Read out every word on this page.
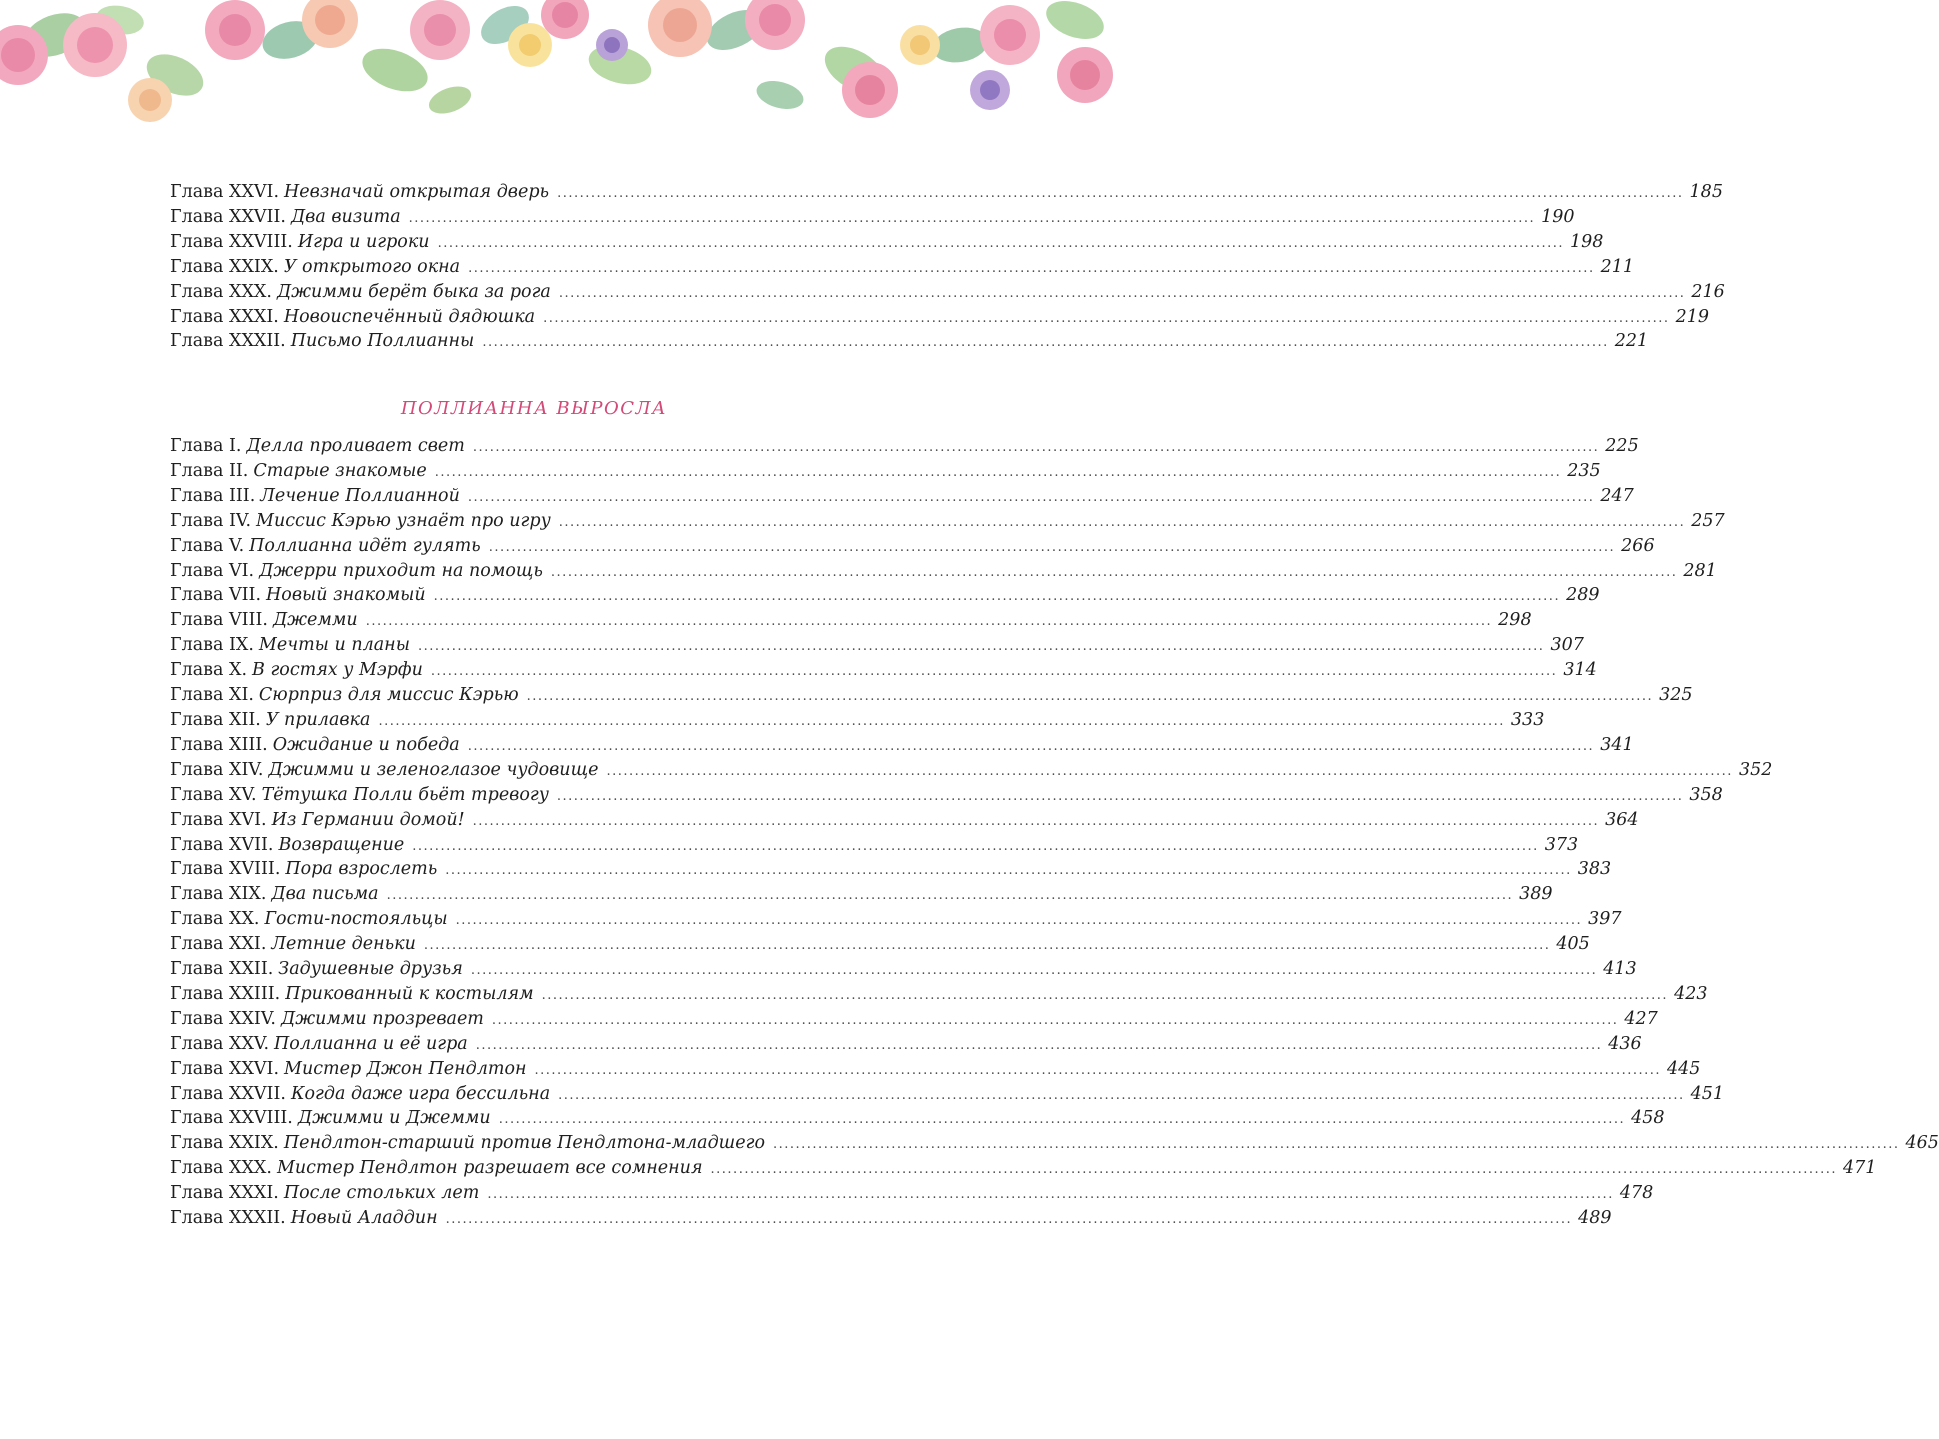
Глава XXVI. Невзначай открытая дверь ........................................................................................................................................................................................................ 185
Глава XXVII. Два визита ........................................................................................................................................................................................................ 190
Глава XXVIII. Игра и игроки ........................................................................................................................................................................................................ 198
Глава XXIX. У открытого окна ........................................................................................................................................................................................................ 211
Глава XXX. Джимми берёт быка за рога ........................................................................................................................................................................................................ 216
Глава XXXI. Новоиспечённый дядюшка ........................................................................................................................................................................................................ 219
Глава XXXII. Письмо Поллианны ........................................................................................................................................................................................................ 221
ПОЛЛИАННА ВЫРОСЛА
Глава I. Делла проливает свет ........................................................................................................................................................................................................ 225
Глава II. Старые знакомые ........................................................................................................................................................................................................ 235
Глава III. Лечение Поллианной ........................................................................................................................................................................................................ 247
Глава IV. Миссис Кэрью узнаёт про игру ........................................................................................................................................................................................................ 257
Глава V. Поллианна идёт гулять ........................................................................................................................................................................................................ 266
Глава VI. Джерри приходит на помощь ........................................................................................................................................................................................................ 281
Глава VII. Новый знакомый ........................................................................................................................................................................................................ 289
Глава VIII. Джемми ........................................................................................................................................................................................................ 298
Глава IX. Мечты и планы ........................................................................................................................................................................................................ 307
Глава X. В гостях у Мэрфи ........................................................................................................................................................................................................ 314
Глава XI. Сюрприз для миссис Кэрью ........................................................................................................................................................................................................ 325
Глава XII. У прилавка ........................................................................................................................................................................................................ 333
Глава XIII. Ожидание и победа ........................................................................................................................................................................................................ 341
Глава XIV. Джимми и зеленоглазое чудовище ........................................................................................................................................................................................................ 352
Глава XV. Тётушка Полли бьёт тревогу ........................................................................................................................................................................................................ 358
Глава XVI. Из Германии домой! ........................................................................................................................................................................................................ 364
Глава XVII. Возвращение ........................................................................................................................................................................................................ 373
Глава XVIII. Пора взрослеть ........................................................................................................................................................................................................ 383
Глава XIX. Два письма ........................................................................................................................................................................................................ 389
Глава XX. Гости-постояльцы ........................................................................................................................................................................................................ 397
Глава XXI. Летние деньки ........................................................................................................................................................................................................ 405
Глава XXII. Задушевные друзья ........................................................................................................................................................................................................ 413
Глава XXIII. Прикованный к костылям ........................................................................................................................................................................................................ 423
Глава XXIV. Джимми прозревает ........................................................................................................................................................................................................ 427
Глава XXV. Поллианна и её игра ........................................................................................................................................................................................................ 436
Глава XXVI. Мистер Джон Пендлтон ........................................................................................................................................................................................................ 445
Глава XXVII. Когда даже игра бессильна ........................................................................................................................................................................................................ 451
Глава XXVIII. Джимми и Джемми ........................................................................................................................................................................................................ 458
Глава XXIX. Пендлтон-старший против Пендлтона-младшего ........................................................................................................................................................................................................ 465
Глава XXX. Мистер Пендлтон разрешает все сомнения ........................................................................................................................................................................................................ 471
Глава XXXI. После стольких лет ........................................................................................................................................................................................................ 478
Глава XXXII. Новый Аладдин ........................................................................................................................................................................................................ 489
